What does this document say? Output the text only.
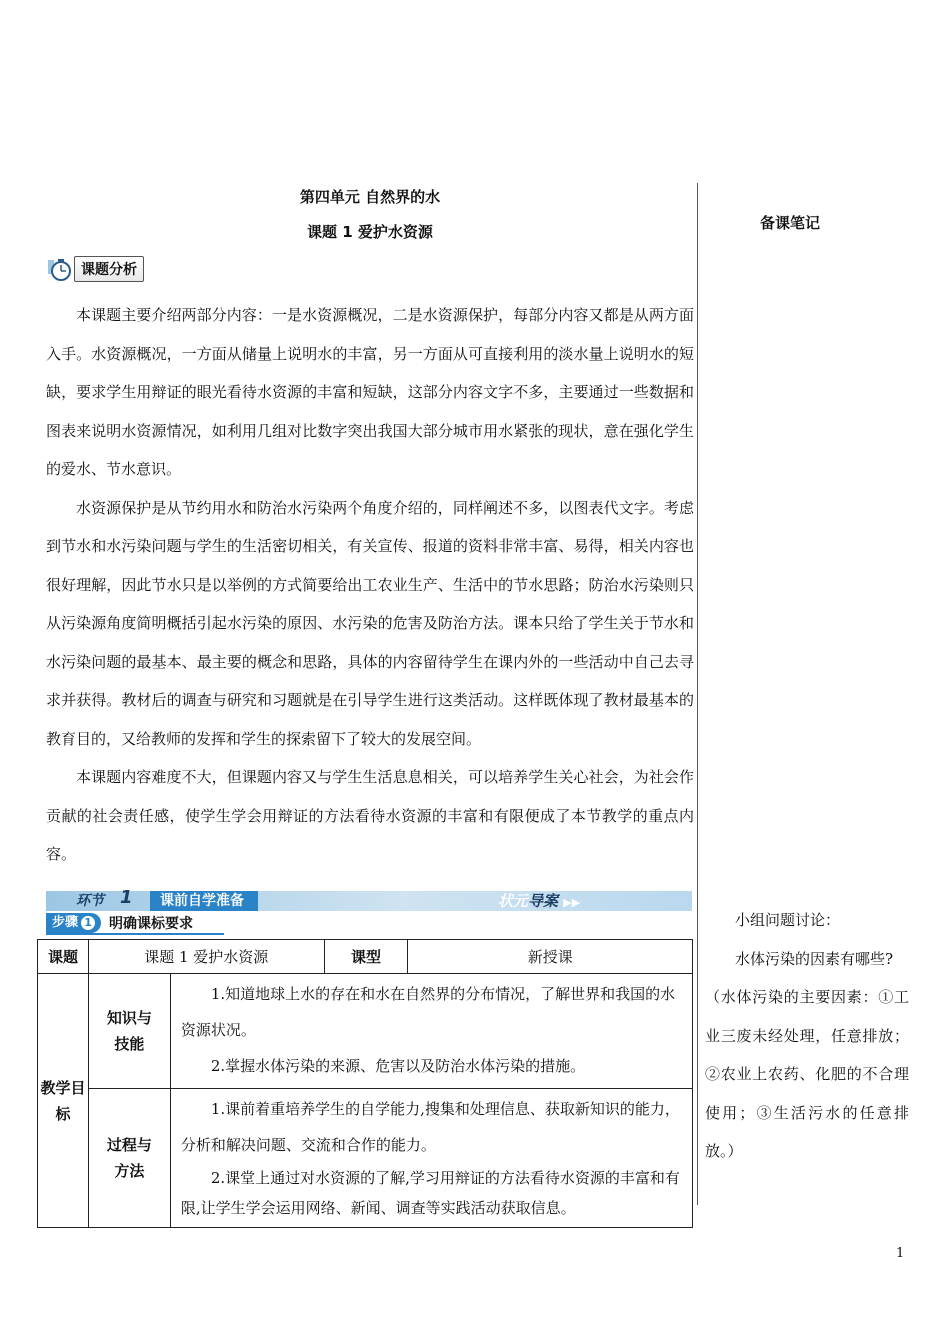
第四单元 自然界的水
课题 1 爱护水资源	备课笔记
课题分析

本课题主要介绍两部分内容：一是水资源概况，二是水资源保护，每部分内容又都是从两方面入手。水资源概况，一方面从储量上说明水的丰富，另一方面从可直接利用的淡水量上说明水的短缺，要求学生用辩证的眼光看待水资源的丰富和短缺，这部分内容文字不多，主要通过一些数据和图表来说明水资源情况，如利用几组对比数字突出我国大部分城市用水紧张的现状，意在强化学生的爱水、节水意识。

水资源保护是从节约用水和防治水污染两个角度介绍的，同样阐述不多，以图表代文字。考虑到节水和水污染问题与学生的生活密切相关，有关宣传、报道的资料非常丰富、易得，相关内容也很好理解，因此节水只是以举例的方式简要给出工农业生产、生活中的节水思路；防治水污染则只从污染源角度简明概括引起水污染的原因、水污染的危害及防治方法。课本只给了学生关于节水和水污染问题的最基本、最主要的概念和思路，具体的内容留待学生在课内外的一些活动中自己去寻求并获得。教材后的调查与研究和习题就是在引导学生进行这类活动。这样既体现了教材最基本的教育目的，又给教师的发挥和学生的探索留下了较大的发展空间。

本课题内容难度不大，但课题内容又与学生生活息息相关，可以培养学生关心社会，为社会作贡献的社会责任感，使学生学会用辩证的方法看待水资源的丰富和有限便成了本节教学的重点内容。

环节 1	课前自学准备	状元导案 ▶▶
步骤 1	明确课标要求
课题	课题 1 爱护水资源		课型	新授课
教学目标	知识与技能	1.知道地球上水的存在和水在自然界的分布情况，了解世界和我国的水资源状况。

2.掌握水体污染的来源、危害以及防治水体污染的措施。		

	过程与方法	1.课前着重培养学生的自学能力,搜集和处理信息、获取新知识的能力，分析和解决问题、交流和合作的能力。

2.课堂上通过对水资源的了解,学习用辩证的方法看待水资源的丰富和有限,让学生学会运用网络、新闻、调查等实践活动获取信息。		

小组问题讨论：

水体污染的因素有哪些?

（水体污染的主要因素：①工业三废未经处理，任意排放；②农业上农药、化肥的不合理使用；③生活污水的任意排放。）

1
